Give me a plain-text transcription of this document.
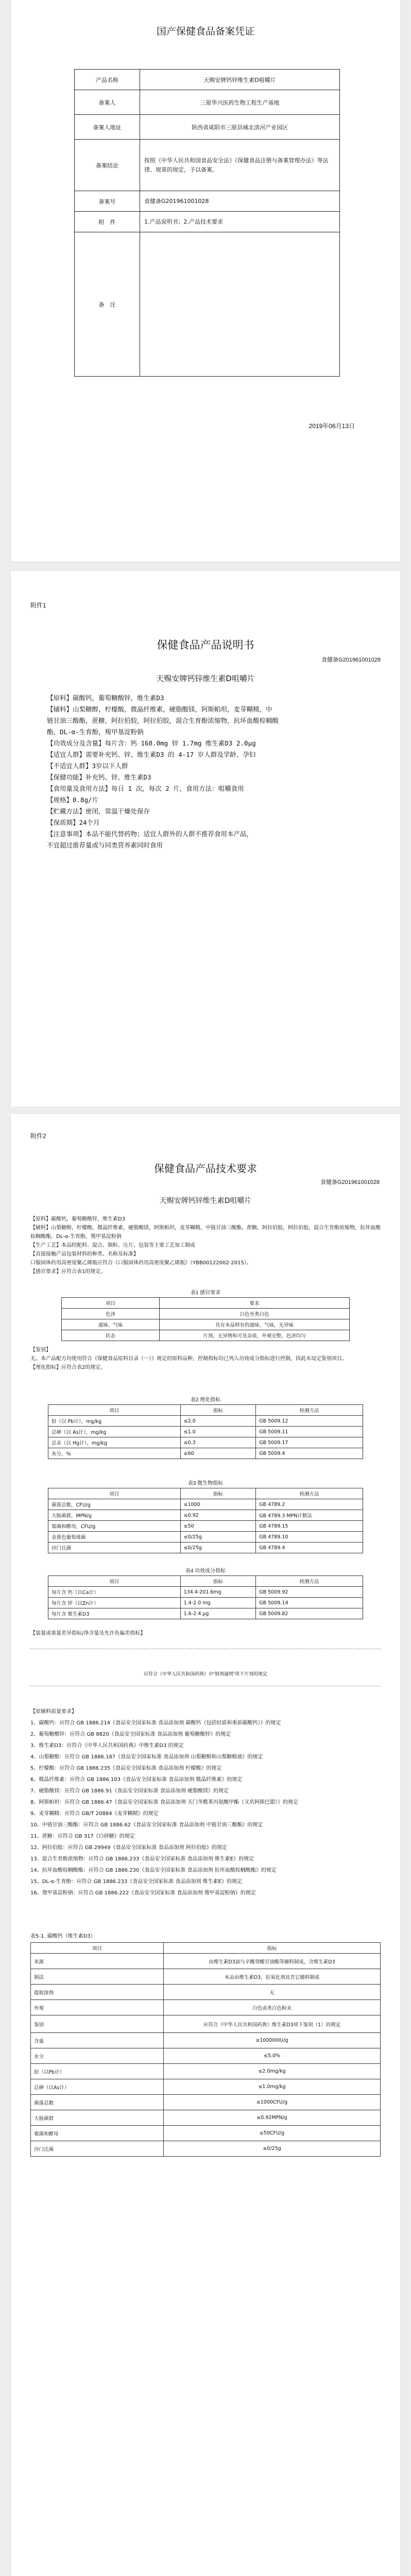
国产保健食品备案凭证
产品名称	天赐安牌钙锌维生素D咀嚼片
备案人	三原华兴医药生物工程生产基地
备案人地址	陕西省咸阳市三原县城北清河产业园区
备案结论	按照《中华人民共和国食品安全法》《保健食品注册与备案管理办法》等法律、规章的规定，予以备案。
备案号	食健备G201961001028
附　件	1.产品说明书；2.产品技术要求
备　注	
2019年06月13日
附件1
保健食品产品说明书
食健备G201961001028
天赐安牌钙锌维生素D咀嚼片

【原料】碳酸钙，葡萄糖酸锌，维生素D3

【辅料】山梨糖醇，柠檬酸，微晶纤维素，硬脂酸镁，阿斯帕坦，麦芽糊精，中

链甘油三酸酯，蔗糖，阿拉伯胶，阿拉伯胶，混合生育酚浓缩物，抗坏血酸棕榈酸

酯，DL-α-生育酚，羧甲基淀粉钠

【功效成分及含量】每片含：钙 168.0mg 锌 1.7mg 维生素D3 2.0μg

【适宜人群】需要补充钙、锌、维生素D3 的 4-17 岁人群及学龄、孕妇

【不适宜人群】3岁以下人群

【保健功能】补充钙、锌、维生素D3

【食用量及食用方法】每日 1 次，每次 2 片，食用方法：咀嚼食用

【规格】0.8g/片

【贮藏方法】密闭，常温干燥处保存

【保质期】24个月

【注意事项】本品不能代替药物；适宜人群外的人群不推荐食用本产品，

不宜超过推荐量或与同类营养素同时食用

附件2
保健食品产品技术要求
食健备G201961001028
天赐安牌钙锌维生素D咀嚼片

【原料】碳酸钙，葡萄糖酸锌，维生素D3

【辅料】山梨糖醇，柠檬酸，微晶纤维素，硬脂酸镁，阿斯帕坦，麦芽糊精，中链甘油三酸酯，蔗糖，阿拉伯胶，阿拉伯胶，混合生育酚浓缩物，抗坏血酸棕榈酸酯，DL-α-生育酚，羧甲基淀粉钠

【生产工艺】本品经配料、混合、制粒、压片、包装等主要工艺加工制成

【直接接触产品包装材料的种类、名称及标准】

口服固体药用高密度聚乙烯瓶应符合《口服固体药用高密度聚乙烯瓶》（YBB00122002-2015）。

【感官要求】应符合表1的规定。

表1 感官要求
项目	要求
色泽	白色至类白色
滋味、气味	具有本品特有的滋味、气味，无异味
状态	片剂，无异物和可见杂质，外观完整，色泽均匀

【鉴别】

无。本产品配方均使用符合《保健食品原料目录（一）》规定的原料品种，控制指标均已列入功效成分指标进行控制，因此未设定鉴别项目。

【理化指标】应符合表2的规定。

表2 理化指标
项目	指标	检测方法
铅（以 Pb计），mg/kg	≤2.0	GB 5009.12
总砷（以 As计），mg/kg	≤1.0	GB 5009.11
总汞（以 Hg计），mg/kg	≤0.3	GB 5009.17
灰分，%	≤60	GB 5009.4
表3 微生物指标
项目	指标	检测方法
菌落总数，CFU/g	≤1000	GB 4789.2
大肠菌群，MPN/g	≤0.92	GB 4789.3 MPN计数法
霉菌和酵母，CFU/g	≤50	GB 4789.15
金黄色葡萄球菌	≤0/25g	GB 4789.10
沙门氏菌	≤0/25g	GB 4789.4
表4 功效成分指标
项目	指标	检测方法
每片含 钙（以Ca计）	134.4-201.6mg	GB 5009.92
每片含 锌（以Zn计）	1.4-2.0 mg	GB 5009.14
每片含 维生素D3	1.6-2.4 μg	GB 5009.82
【装量或重量差异指标/净含量及允许负偏差指标】
应符合《中华人民共和国药典》中“制剂通则”项下片剂的规定

【原辅料质量要求】

1、碳酸钙：应符合 GB 1886.214《食品安全国家标准 食品添加剂 碳酸钙（包括轻质和重质碳酸钙）》的规定

2、葡萄糖酸锌：应符合 GB 8820《食品安全国家标准 食品添加剂 葡萄糖酸锌》的规定

3、维生素D3：应符合《中华人民共和国药典》中维生素D3 的规定

4、山梨糖醇：应符合 GB 1886.187《食品安全国家标准 食品添加剂 山梨糖醇和山梨糖醇液》的规定

5、柠檬酸：应符合 GB 1886.235《食品安全国家标准 食品添加剂 柠檬酸》的规定

6、微晶纤维素：应符合 GB 1886.103《食品安全国家标准 食品添加剂 微晶纤维素》的规定

7、硬脂酸镁：应符合 GB 1886.91《食品安全国家标准 食品添加剂 硬脂酸镁》的规定

8、阿斯帕坦：应符合 GB 1886.47《食品安全国家标准 食品添加剂 天门冬酰苯丙氨酸甲酯（又名阿斯巴甜）》的规定

9、麦芽糊精：应符合 GB/T 20884《麦芽糊精》的规定

10、中链甘油三酸酯：应符合 GB 1886.62《食品安全国家标准 食品添加剂 中链甘油三酸酯》的规定

11、蔗糖：应符合 GB 317《白砂糖》的规定

12、阿拉伯胶：应符合 GB 29949《食品安全国家标准 食品添加剂 阿拉伯胶》的规定

13、混合生育酚浓缩物：应符合 GB 1886.233《食品安全国家标准 食品添加剂 维生素E》的规定

14、抗坏血酸棕榈酸酯：应符合 GB 1886.230《食品安全国家标准 食品添加剂 抗坏血酸棕榈酸酯》的规定

15、DL-α-生育酚：应符合 GB 1886.233《食品安全国家标准 食品添加剂 维生素E》的规定

16、羧甲基淀粉钠：应符合 GB 1886.222《食品安全国家标准 食品添加剂 羧甲基淀粉钠》的规定

表5-1. 碳酸钙（维生素D3）
项目	指标
来源	由维生素D3油与辛酸癸酸甘油酯等辅料制成，含维生素D3
制法	本品由维生素D3、抗氧化剂及其它辅料制成
提取溶剂	无
外观	白色或类白色粉末
鉴别	应符合《中华人民共和国药典》维生素D3项下鉴别（1）的规定
含量	≥100000IU/g
水分	≤5.0%
铅（以Pb计）	≤2.0mg/kg
总砷（以As计）	≤1.0mg/kg
菌落总数	≤1000CFU/g
大肠菌群	≤0.92MPN/g
霉菌和酵母	≤50CFU/g
沙门氏菌	≤0/25g
